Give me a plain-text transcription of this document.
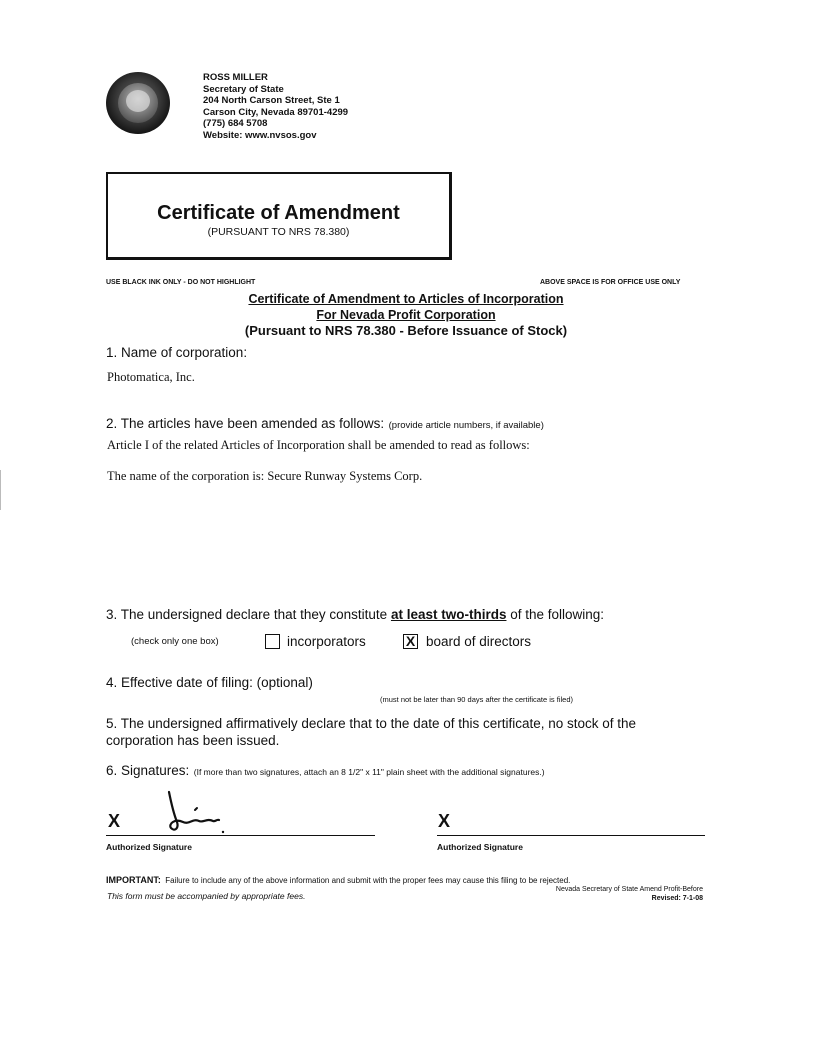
ROSS MILLER
Secretary of State
204 North Carson Street, Ste 1
Carson City, Nevada 89701-4299
(775) 684 5708
Website: www.nvsos.gov
Certificate of Amendment
(PURSUANT TO NRS 78.380)
USE BLACK INK ONLY - DO NOT HIGHLIGHT	ABOVE SPACE IS FOR OFFICE USE ONLY
Certificate of Amendment to Articles of Incorporation
For Nevada Profit Corporation
(Pursuant to NRS 78.380 - Before Issuance of Stock)
1. Name of corporation:
Photomatica, Inc.
2. The articles have been amended as follows: (provide article numbers, if available)
Article I of the related Articles of Incorporation shall be amended to read as follows:
The name of the corporation is: Secure Runway Systems Corp.
3. The undersigned declare that they constitute at least two-thirds of the following:
(check only one box)	incorporators	X board of directors
4. Effective date of filing: (optional)
(must not be later than 90 days after the certificate is filed)
5. The undersigned affirmatively declare that to the date of this certificate, no stock of the
corporation has been issued.
6. Signatures: (If more than two signatures, attach an 8 1/2" x 11" plain sheet with the additional signatures.)
X
Authorized Signature
X
Authorized Signature
IMPORTANT: Failure to include any of the above information and submit with the proper fees may cause this filing to be rejected.
This form must be accompanied by appropriate fees.
Nevada Secretary of State Amend Profit-Before
Revised: 7-1-08
